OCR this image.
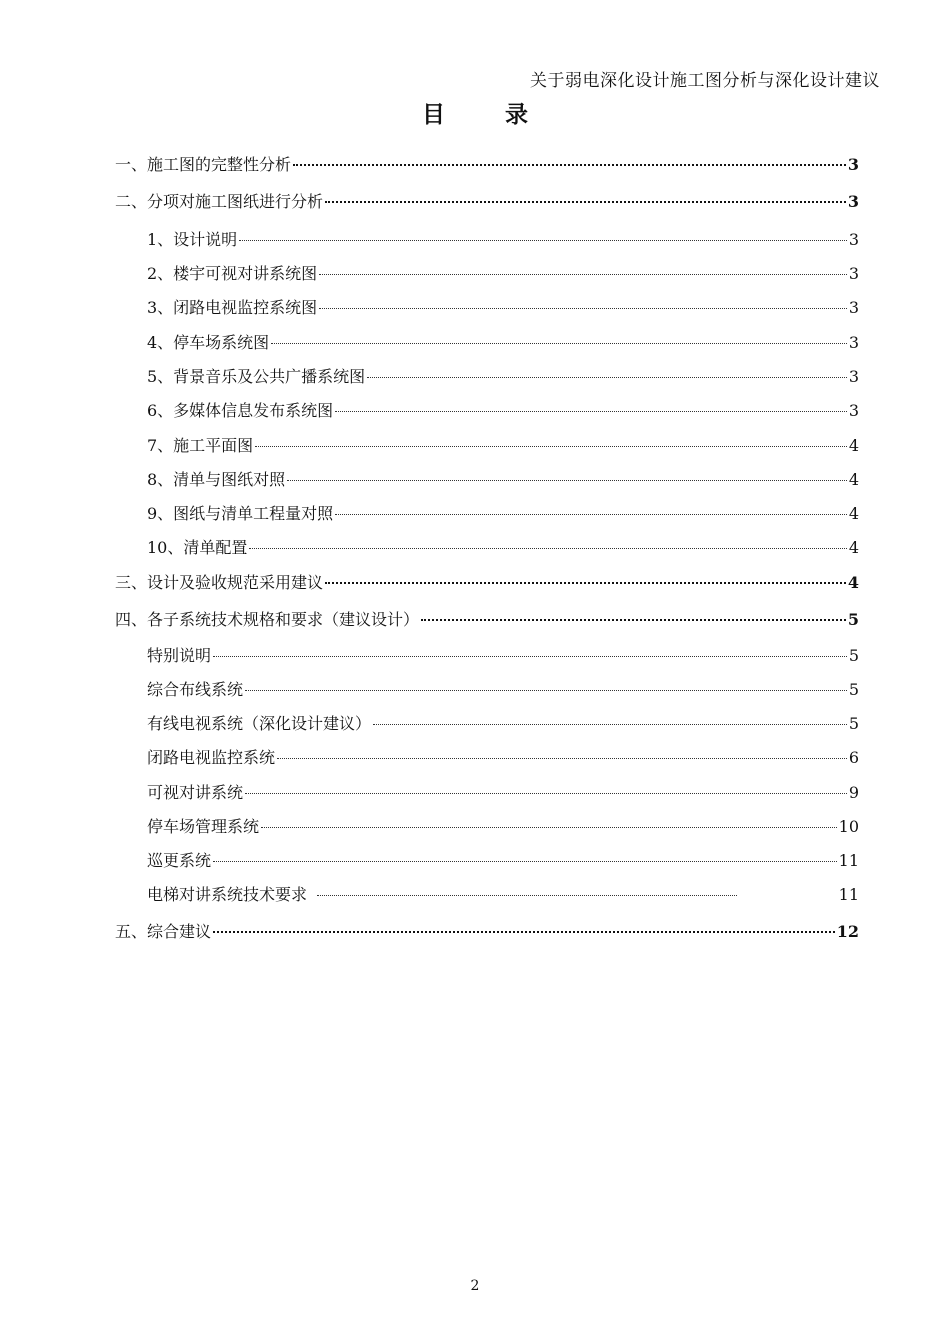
关于弱电深化设计施工图分析与深化设计建议
目	录
一、施工图的完整性分析	3
二、分项对施工图纸进行分析	3
1、设计说明	3
2、楼宇可视对讲系统图	3
3、闭路电视监控系统图	3
4、停车场系统图	3
5、背景音乐及公共广播系统图	3
6、多媒体信息发布系统图	3
7、施工平面图	4
8、清单与图纸对照	4
9、图纸与清单工程量对照	4
10、清单配置	4
三、设计及验收规范采用建议	4
四、各子系统技术规格和要求（建议设计）	5
特别说明	5
综合布线系统	5
有线电视系统（深化设计建议）	5
闭路电视监控系统	6
可视对讲系统	9
停车场管理系统	10
巡更系统	11
电梯对讲系统技术要求	11
五、综合建议	12
2
